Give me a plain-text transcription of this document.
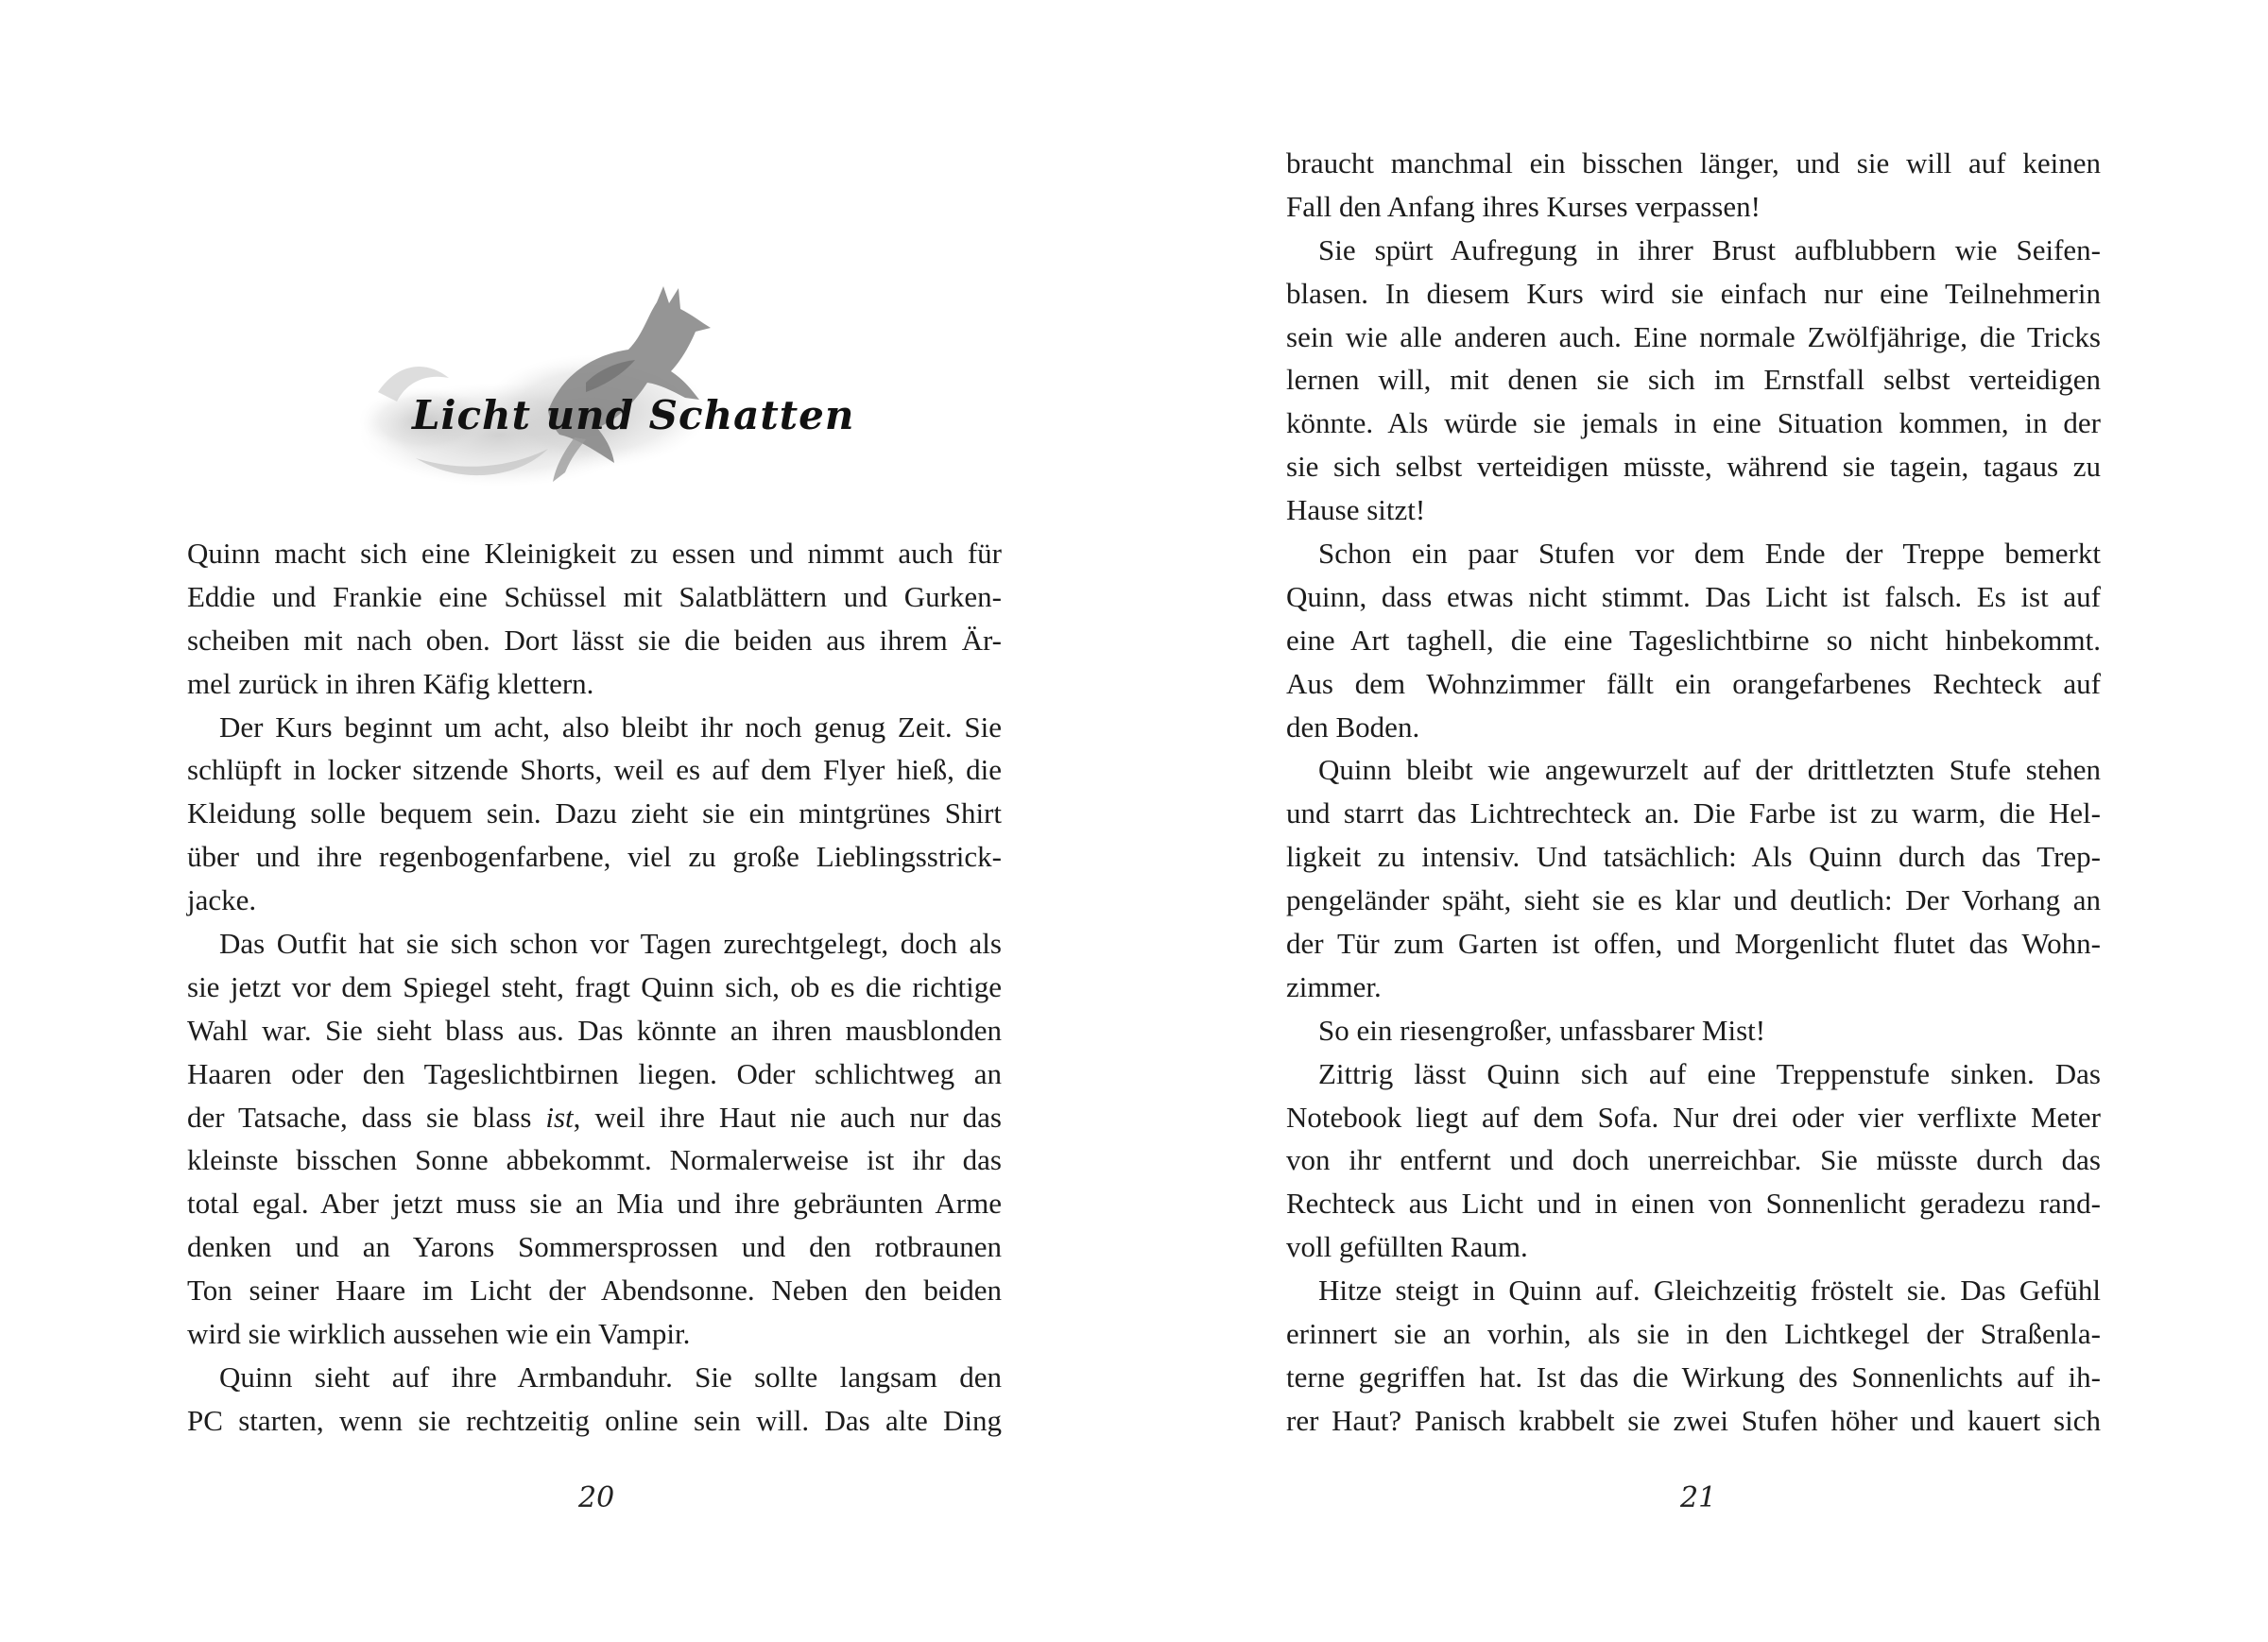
Licht und Schatten
Quinn macht sich eine Kleinigkeit zu essen und nimmt auch für
Eddie und Frankie eine Schüssel mit Salatblättern und Gurken-
scheiben mit nach oben. Dort lässt sie die beiden aus ihrem Är-
mel zurück in ihren Käfig klettern.
Der Kurs beginnt um acht, also bleibt ihr noch genug Zeit. Sie
schlüpft in locker sitzende Shorts, weil es auf dem Flyer hieß, die
Kleidung solle bequem sein. Dazu zieht sie ein mintgrünes Shirt
über und ihre regenbogenfarbene, viel zu große Lieblingsstrick-
jacke.
Das Outfit hat sie sich schon vor Tagen zurechtgelegt, doch als
sie jetzt vor dem Spiegel steht, fragt Quinn sich, ob es die richtige
Wahl war. Sie sieht blass aus. Das könnte an ihren mausblonden
Haaren oder den Tageslichtbirnen liegen. Oder schlichtweg an
der Tatsache, dass sie blass ist, weil ihre Haut nie auch nur das
kleinste bisschen Sonne abbekommt. Normalerweise ist ihr das
total egal. Aber jetzt muss sie an Mia und ihre gebräunten Arme
denken und an Yarons Sommersprossen und den rotbraunen
Ton seiner Haare im Licht der Abendsonne. Neben den beiden
wird sie wirklich aussehen wie ein Vampir.
Quinn sieht auf ihre Armbanduhr. Sie sollte langsam den
PC starten, wenn sie rechtzeitig online sein will. Das alte Ding
20
braucht manchmal ein bisschen länger, und sie will auf keinen
Fall den Anfang ihres Kurses verpassen!
Sie spürt Aufregung in ihrer Brust aufblubbern wie Seifen-
blasen. In diesem Kurs wird sie einfach nur eine Teilnehmerin
sein wie alle anderen auch. Eine normale Zwölfjährige, die Tricks
lernen will, mit denen sie sich im Ernstfall selbst verteidigen
könnte. Als würde sie jemals in eine Situation kommen, in der
sie sich selbst verteidigen müsste, während sie tagein, tagaus zu
Hause sitzt!
Schon ein paar Stufen vor dem Ende der Treppe bemerkt
Quinn, dass etwas nicht stimmt. Das Licht ist falsch. Es ist auf
eine Art taghell, die eine Tageslichtbirne so nicht hinbekommt.
Aus dem Wohnzimmer fällt ein orangefarbenes Rechteck auf
den Boden.
Quinn bleibt wie angewurzelt auf der drittletzten Stufe stehen
und starrt das Lichtrechteck an. Die Farbe ist zu warm, die Hel-
ligkeit zu intensiv. Und tatsächlich: Als Quinn durch das Trep-
pengeländer späht, sieht sie es klar und deutlich: Der Vorhang an
der Tür zum Garten ist offen, und Morgenlicht flutet das Wohn-
zimmer.
So ein riesengroßer, unfassbarer Mist!
Zittrig lässt Quinn sich auf eine Treppenstufe sinken. Das
Notebook liegt auf dem Sofa. Nur drei oder vier verflixte Meter
von ihr entfernt und doch unerreichbar. Sie müsste durch das
Rechteck aus Licht und in einen von Sonnenlicht geradezu rand-
voll gefüllten Raum.
Hitze steigt in Quinn auf. Gleichzeitig fröstelt sie. Das Gefühl
erinnert sie an vorhin, als sie in den Lichtkegel der Straßenla-
terne gegriffen hat. Ist das die Wirkung des Sonnenlichts auf ih-
rer Haut? Panisch krabbelt sie zwei Stufen höher und kauert sich
21
